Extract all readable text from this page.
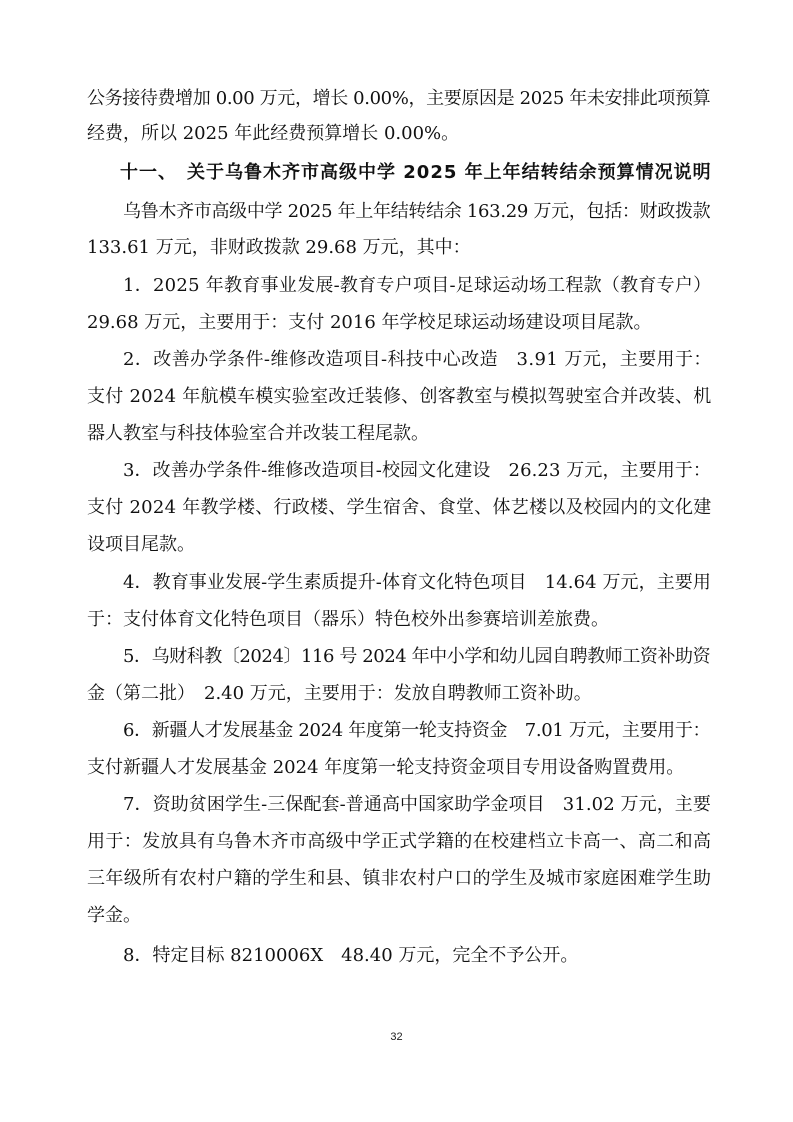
公务接待费增加 0.00 万元，增长 0.00%，主要原因是 2025 年未安排此项预算
经费，所以 2025 年此经费预算增长 0.00%。
十一、　关于乌鲁木齐市高级中学 2025 年上年结转结余预算情况说明
乌鲁木齐市高级中学 2025 年上年结转结余 163.29 万元，包括：财政拨款
133.61 万元，非财政拨款 29.68 万元，其中：
1．2025 年教育事业发展-教育专户项目-足球运动场工程款（教育专户）
29.68 万元，主要用于：支付 2016 年学校足球运动场建设项目尾款。
2．改善办学条件-维修改造项目-科技中心改造　3.91 万元，主要用于：
支付 2024 年航模车模实验室改迁装修、创客教室与模拟驾驶室合并改装、机
器人教室与科技体验室合并改装工程尾款。
3．改善办学条件-维修改造项目-校园文化建设　26.23 万元，主要用于：
支付 2024 年教学楼、行政楼、学生宿舍、食堂、体艺楼以及校园内的文化建
设项目尾款。
4．教育事业发展-学生素质提升-体育文化特色项目　14.64 万元，主要用
于：支付体育文化特色项目（器乐）特色校外出参赛培训差旅费。
5．乌财科教〔2024〕116 号 2024 年中小学和幼儿园自聘教师工资补助资
金（第二批）　2.40 万元，主要用于：发放自聘教师工资补助。
6．新疆人才发展基金 2024 年度第一轮支持资金　7.01 万元，主要用于：
支付新疆人才发展基金 2024 年度第一轮支持资金项目专用设备购置费用。
7．资助贫困学生-三保配套-普通高中国家助学金项目　31.02 万元，主要
用于：发放具有乌鲁木齐市高级中学正式学籍的在校建档立卡高一、高二和高
三年级所有农村户籍的学生和县、镇非农村户口的学生及城市家庭困难学生助
学金。
8．特定目标 8210006X　48.40 万元，完全不予公开。
32
